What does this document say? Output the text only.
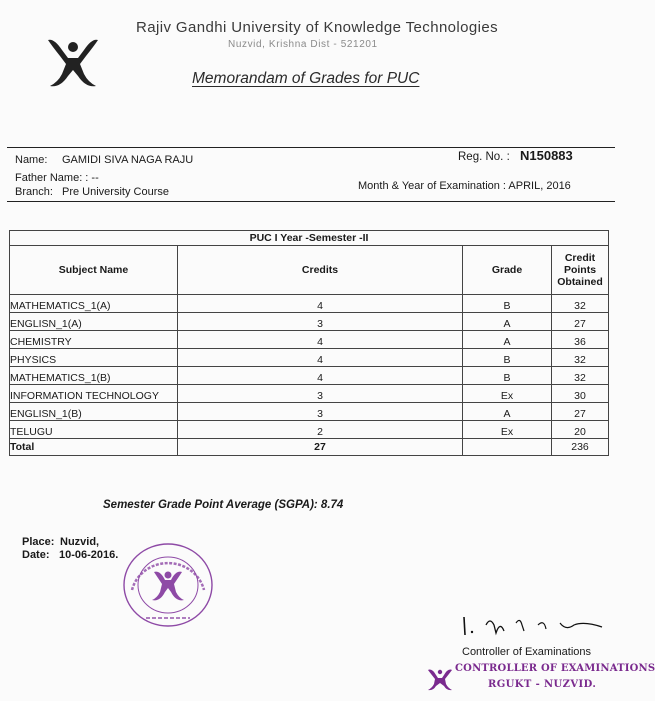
Rajiv Gandhi University of Knowledge Technologies
Nuzvid, Krishna Dist - 521201
Memorandam of Grades for PUC
Name: GAMIDI SIVA NAGA RAJU	Reg. No. : N150883
Father Name: : --
Branch: Pre University Course	Month & Year of Examination : APRIL, 2016
PUC I Year -Semester -II			
Subject Name	Credits	Grade	Credit Points Obtained
MATHEMATICS_1(A)	4	B	32
ENGLISN_1(A)	3	A	27
CHEMISTRY	4	A	36
PHYSICS	4	B	32
MATHEMATICS_1(B)	4	B	32
INFORMATION TECHNOLOGY	3	Ex	30
ENGLISN_1(B)	3	A	27
TELUGU	2	Ex	20
Total	27		236
Semester Grade Point Average (SGPA): 8.74
Place: Nuzvid,
Date: 10-06-2016.
Controller of Examinations
CONTROLLER OF EXAMINATIONS
RGUKT - NUZVID.
